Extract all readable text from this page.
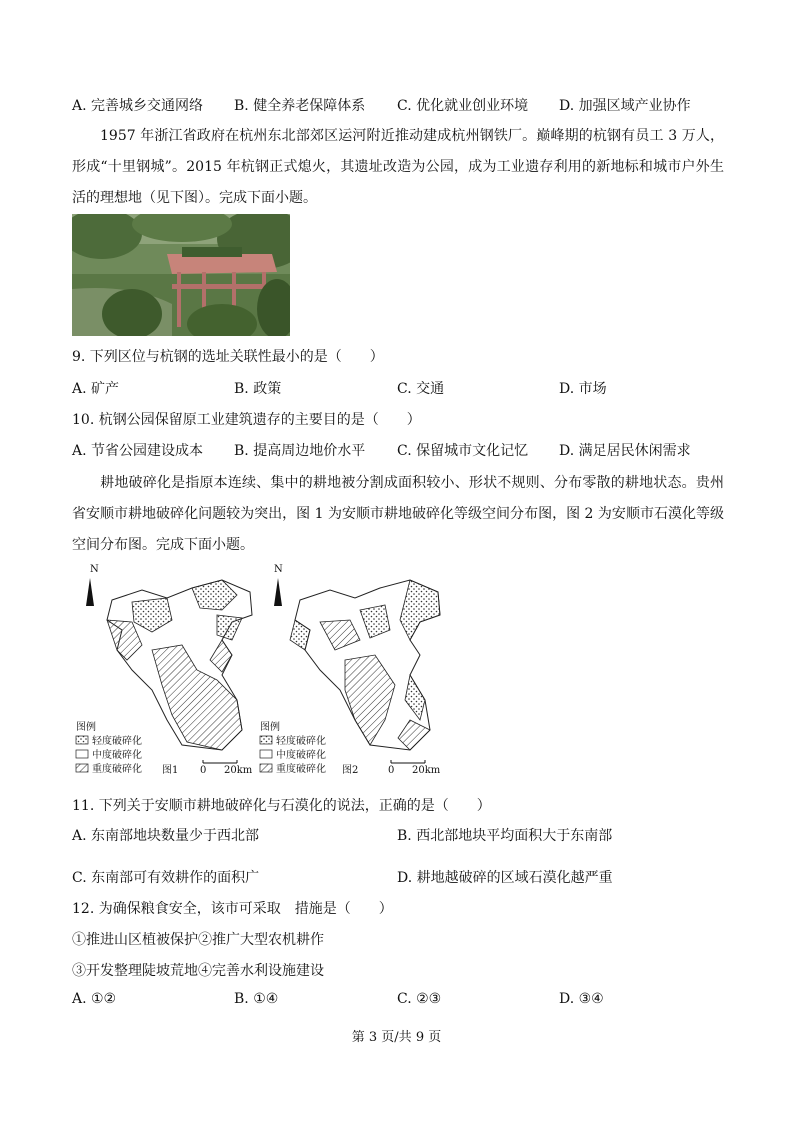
A. 完善城乡交通网络 B. 健全养老保障体系 C. 优化就业创业环境 D. 加强区域产业协作
1957 年浙江省政府在杭州东北部郊区运河附近推动建成杭州钢铁厂。巅峰期的杭钢有员工 3 万人，形成“十里钢城”。2015 年杭钢正式熄火，其遗址改造为公园，成为工业遗存利用的新地标和城市户外生活的理想地（见下图）。完成下面小题。
9. 下列区位与杭钢的选址关联性最小的是（　　）
A. 矿产	B. 政策	C. 交通	D. 市场
10. 杭钢公园保留原工业建筑遗存的主要目的是（　　）
A. 节省公园建设成本 B. 提高周边地价水平 C. 保留城市文化记忆 D. 满足居民休闲需求
耕地破碎化是指原本连续、集中的耕地被分割成面积较小、形状不规则、分布零散的耕地状态。贵州省安顺市耕地破碎化问题较为突出，图 1 为安顺市耕地破碎化等级空间分布图，图 2 为安顺市石漠化等级空间分布图。完成下面小题。
N
图例
轻度破碎化
中度破碎化
重度破碎化 图1 0 20km
N
图例
轻度破碎化
中度破碎化
重度破碎化 图2	0 20km
11. 下列关于安顺市耕地破碎化与石漠化的说法，正确的是（　　）
A. 东南部地块数量少于西北部	B. 西北部地块平均面积大于东南部
C. 东南部可有效耕作的面积广	D. 耕地越破碎的区域石漠化越严重
12. 为确保粮食安全，该市可采取　措施是（　　）
①推进山区植被保护②推广大型农机耕作
③开发整理陡坡荒地④完善水利设施建设
A. ①②	B. ①④	C. ②③	D. ③④
第 3 页/共 9 页
